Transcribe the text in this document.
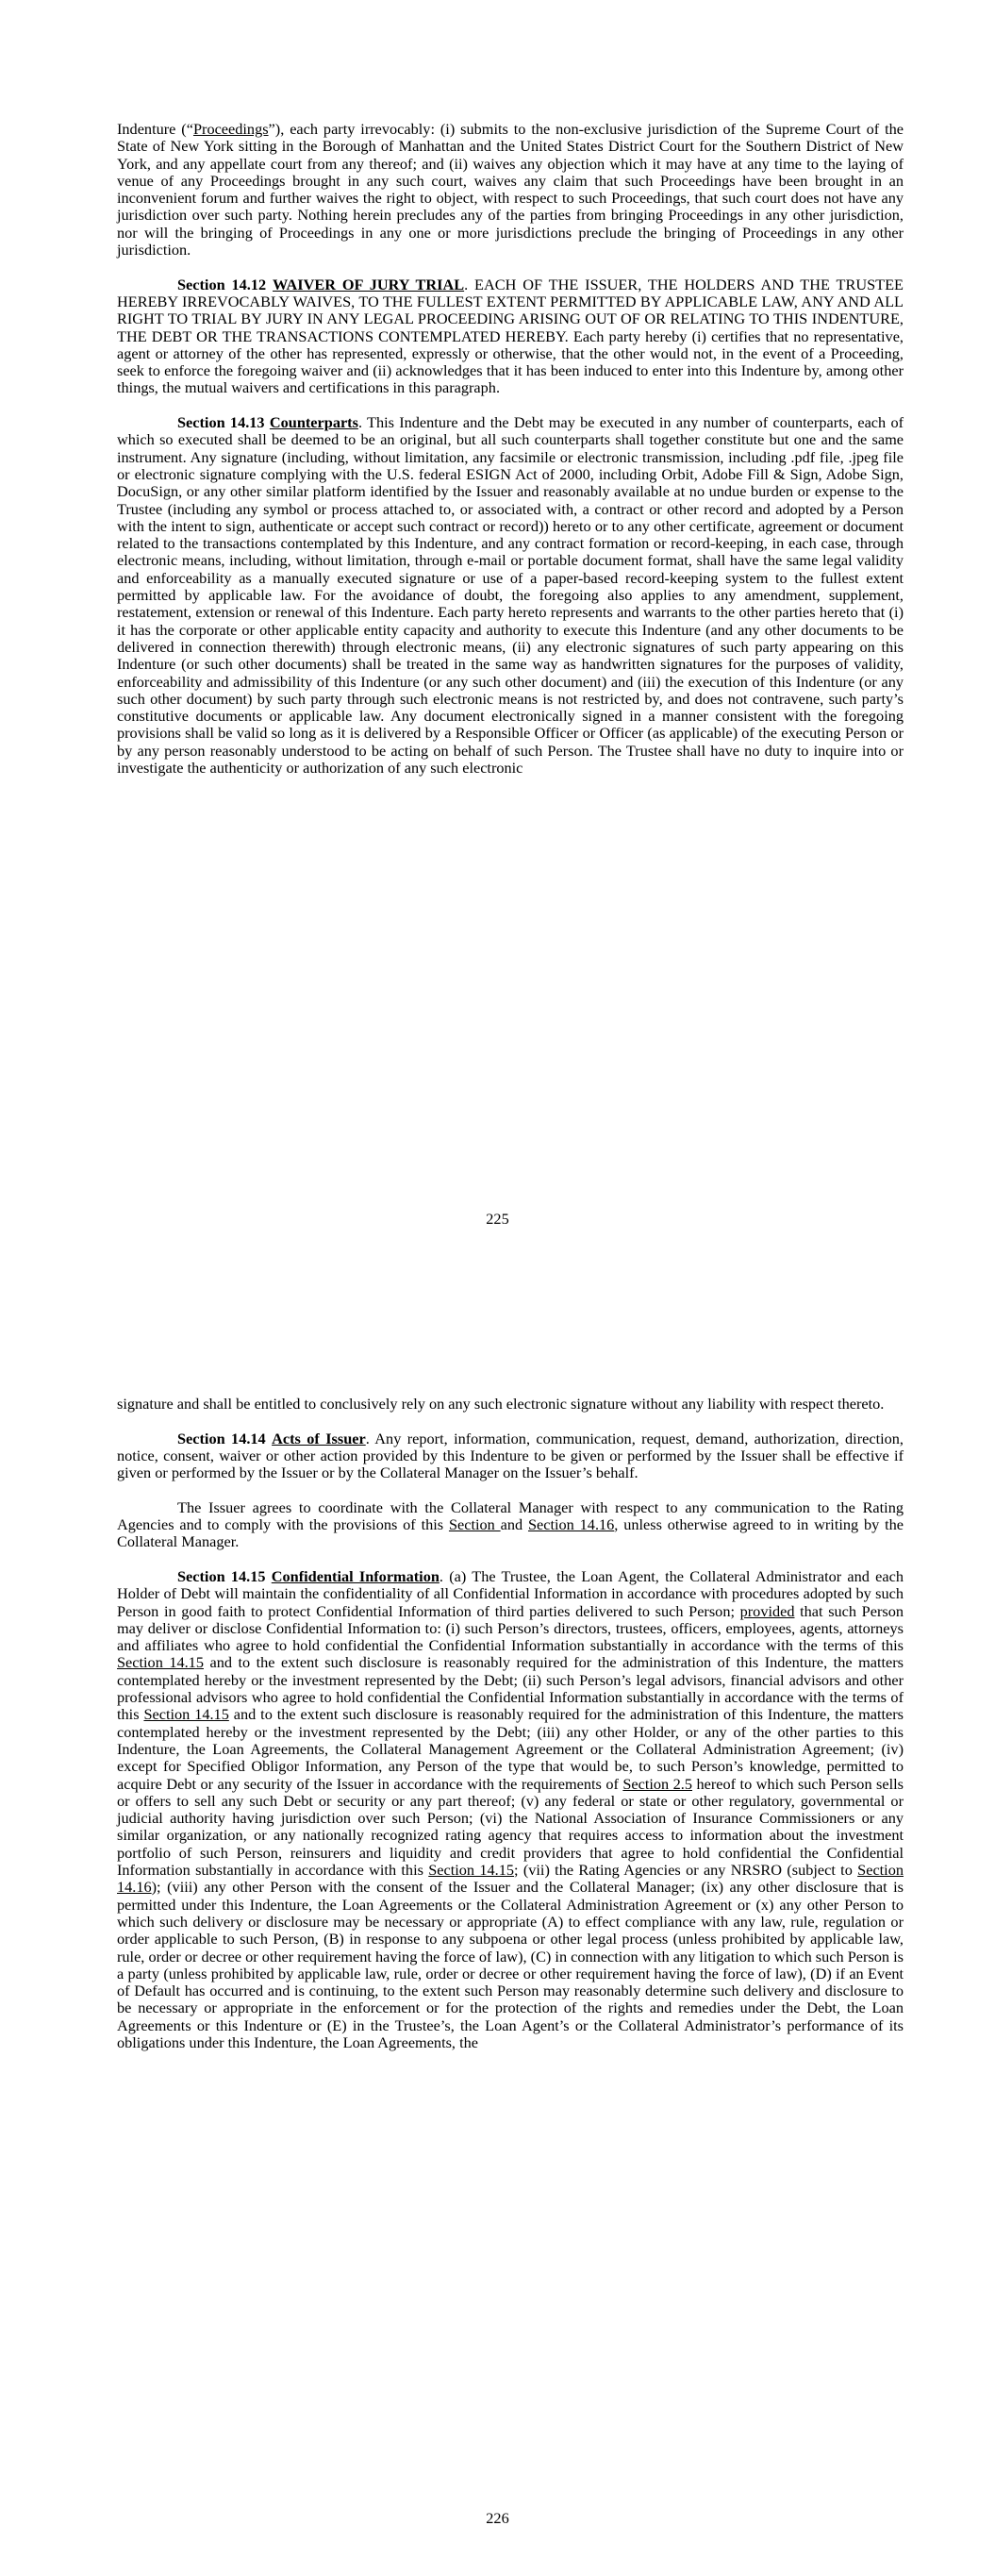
Indenture (“Proceedings”), each party irrevocably: (i) submits to the non-exclusive jurisdiction of the Supreme Court of the State of New York sitting in the Borough of Manhattan and the United States District Court for the Southern District of New York, and any appellate court from any thereof; and (ii) waives any objection which it may have at any time to the laying of venue of any Proceedings brought in any such court, waives any claim that such Proceedings have been brought in an inconvenient forum and further waives the right to object, with respect to such Proceedings, that such court does not have any jurisdiction over such party. Nothing herein precludes any of the parties from bringing Proceedings in any other jurisdiction, nor will the bringing of Proceedings in any one or more jurisdictions preclude the bringing of Proceedings in any other jurisdiction.

Section 14.12 WAIVER OF JURY TRIAL. EACH OF THE ISSUER, THE HOLDERS AND THE TRUSTEE HEREBY IRREVOCABLY WAIVES, TO THE FULLEST EXTENT PERMITTED BY APPLICABLE LAW, ANY AND ALL RIGHT TO TRIAL BY JURY IN ANY LEGAL PROCEEDING ARISING OUT OF OR RELATING TO THIS INDENTURE, THE DEBT OR THE TRANSACTIONS CONTEMPLATED HEREBY. Each party hereby (i) certifies that no representative, agent or attorney of the other has represented, expressly or otherwise, that the other would not, in the event of a Proceeding, seek to enforce the foregoing waiver and (ii) acknowledges that it has been induced to enter into this Indenture by, among other things, the mutual waivers and certifications in this paragraph.

Section 14.13 Counterparts. This Indenture and the Debt may be executed in any number of counterparts, each of which so executed shall be deemed to be an original, but all such counterparts shall together constitute but one and the same instrument. Any signature (including, without limitation, any facsimile or electronic transmission, including .pdf file, .jpeg file or electronic signature complying with the U.S. federal ESIGN Act of 2000, including Orbit, Adobe Fill & Sign, Adobe Sign, DocuSign, or any other similar platform identified by the Issuer and reasonably available at no undue burden or expense to the Trustee (including any symbol or process attached to, or associated with, a contract or other record and adopted by a Person with the intent to sign, authenticate or accept such contract or record)) hereto or to any other certificate, agreement or document related to the transactions contemplated by this Indenture, and any contract formation or record-keeping, in each case, through electronic means, including, without limitation, through e-mail or portable document format, shall have the same legal validity and enforceability as a manually executed signature or use of a paper-based record-keeping system to the fullest extent permitted by applicable law. For the avoidance of doubt, the foregoing also applies to any amendment, supplement, restatement, extension or renewal of this Indenture. Each party hereto represents and warrants to the other parties hereto that (i) it has the corporate or other applicable entity capacity and authority to execute this Indenture (and any other documents to be delivered in connection therewith) through electronic means, (ii) any electronic signatures of such party appearing on this Indenture (or such other documents) shall be treated in the same way as handwritten signatures for the purposes of validity, enforceability and admissibility of this Indenture (or any such other document) and (iii) the execution of this Indenture (or any such other document) by such party through such electronic means is not restricted by, and does not contravene, such party’s constitutive documents or applicable law. Any document electronically signed in a manner consistent with the foregoing provisions shall be valid so long as it is delivered by a Responsible Officer or Officer (as applicable) of the executing Person or by any person reasonably understood to be acting on behalf of such Person. The Trustee shall have no duty to inquire into or investigate the authenticity or authorization of any such electronic

225

signature and shall be entitled to conclusively rely on any such electronic signature without any liability with respect thereto.

Section 14.14 Acts of Issuer. Any report, information, communication, request, demand, authorization, direction, notice, consent, waiver or other action provided by this Indenture to be given or performed by the Issuer shall be effective if given or performed by the Issuer or by the Collateral Manager on the Issuer’s behalf.

The Issuer agrees to coordinate with the Collateral Manager with respect to any communication to the Rating Agencies and to comply with the provisions of this Section and Section 14.16, unless otherwise agreed to in writing by the Collateral Manager.

Section 14.15 Confidential Information. (a) The Trustee, the Loan Agent, the Collateral Administrator and each Holder of Debt will maintain the confidentiality of all Confidential Information in accordance with procedures adopted by such Person in good faith to protect Confidential Information of third parties delivered to such Person; provided that such Person may deliver or disclose Confidential Information to: (i) such Person’s directors, trustees, officers, employees, agents, attorneys and affiliates who agree to hold confidential the Confidential Information substantially in accordance with the terms of this Section 14.15 and to the extent such disclosure is reasonably required for the administration of this Indenture, the matters contemplated hereby or the investment represented by the Debt; (ii) such Person’s legal advisors, financial advisors and other professional advisors who agree to hold confidential the Confidential Information substantially in accordance with the terms of this Section 14.15 and to the extent such disclosure is reasonably required for the administration of this Indenture, the matters contemplated hereby or the investment represented by the Debt; (iii) any other Holder, or any of the other parties to this Indenture, the Loan Agreements, the Collateral Management Agreement or the Collateral Administration Agreement; (iv) except for Specified Obligor Information, any Person of the type that would be, to such Person’s knowledge, permitted to acquire Debt or any security of the Issuer in accordance with the requirements of Section 2.5 hereof to which such Person sells or offers to sell any such Debt or security or any part thereof; (v) any federal or state or other regulatory, governmental or judicial authority having jurisdiction over such Person; (vi) the National Association of Insurance Commissioners or any similar organization, or any nationally recognized rating agency that requires access to information about the investment portfolio of such Person, reinsurers and liquidity and credit providers that agree to hold confidential the Confidential Information substantially in accordance with this Section 14.15; (vii) the Rating Agencies or any NRSRO (subject to Section 14.16); (viii) any other Person with the consent of the Issuer and the Collateral Manager; (ix) any other disclosure that is permitted under this Indenture, the Loan Agreements or the Collateral Administration Agreement or (x) any other Person to which such delivery or disclosure may be necessary or appropriate (A) to effect compliance with any law, rule, regulation or order applicable to such Person, (B) in response to any subpoena or other legal process (unless prohibited by applicable law, rule, order or decree or other requirement having the force of law), (C) in connection with any litigation to which such Person is a party (unless prohibited by applicable law, rule, order or decree or other requirement having the force of law), (D) if an Event of Default has occurred and is continuing, to the extent such Person may reasonably determine such delivery and disclosure to be necessary or appropriate in the enforcement or for the protection of the rights and remedies under the Debt, the Loan Agreements or this Indenture or (E) in the Trustee’s, the Loan Agent’s or the Collateral Administrator’s performance of its obligations under this Indenture, the Loan Agreements, the

226
